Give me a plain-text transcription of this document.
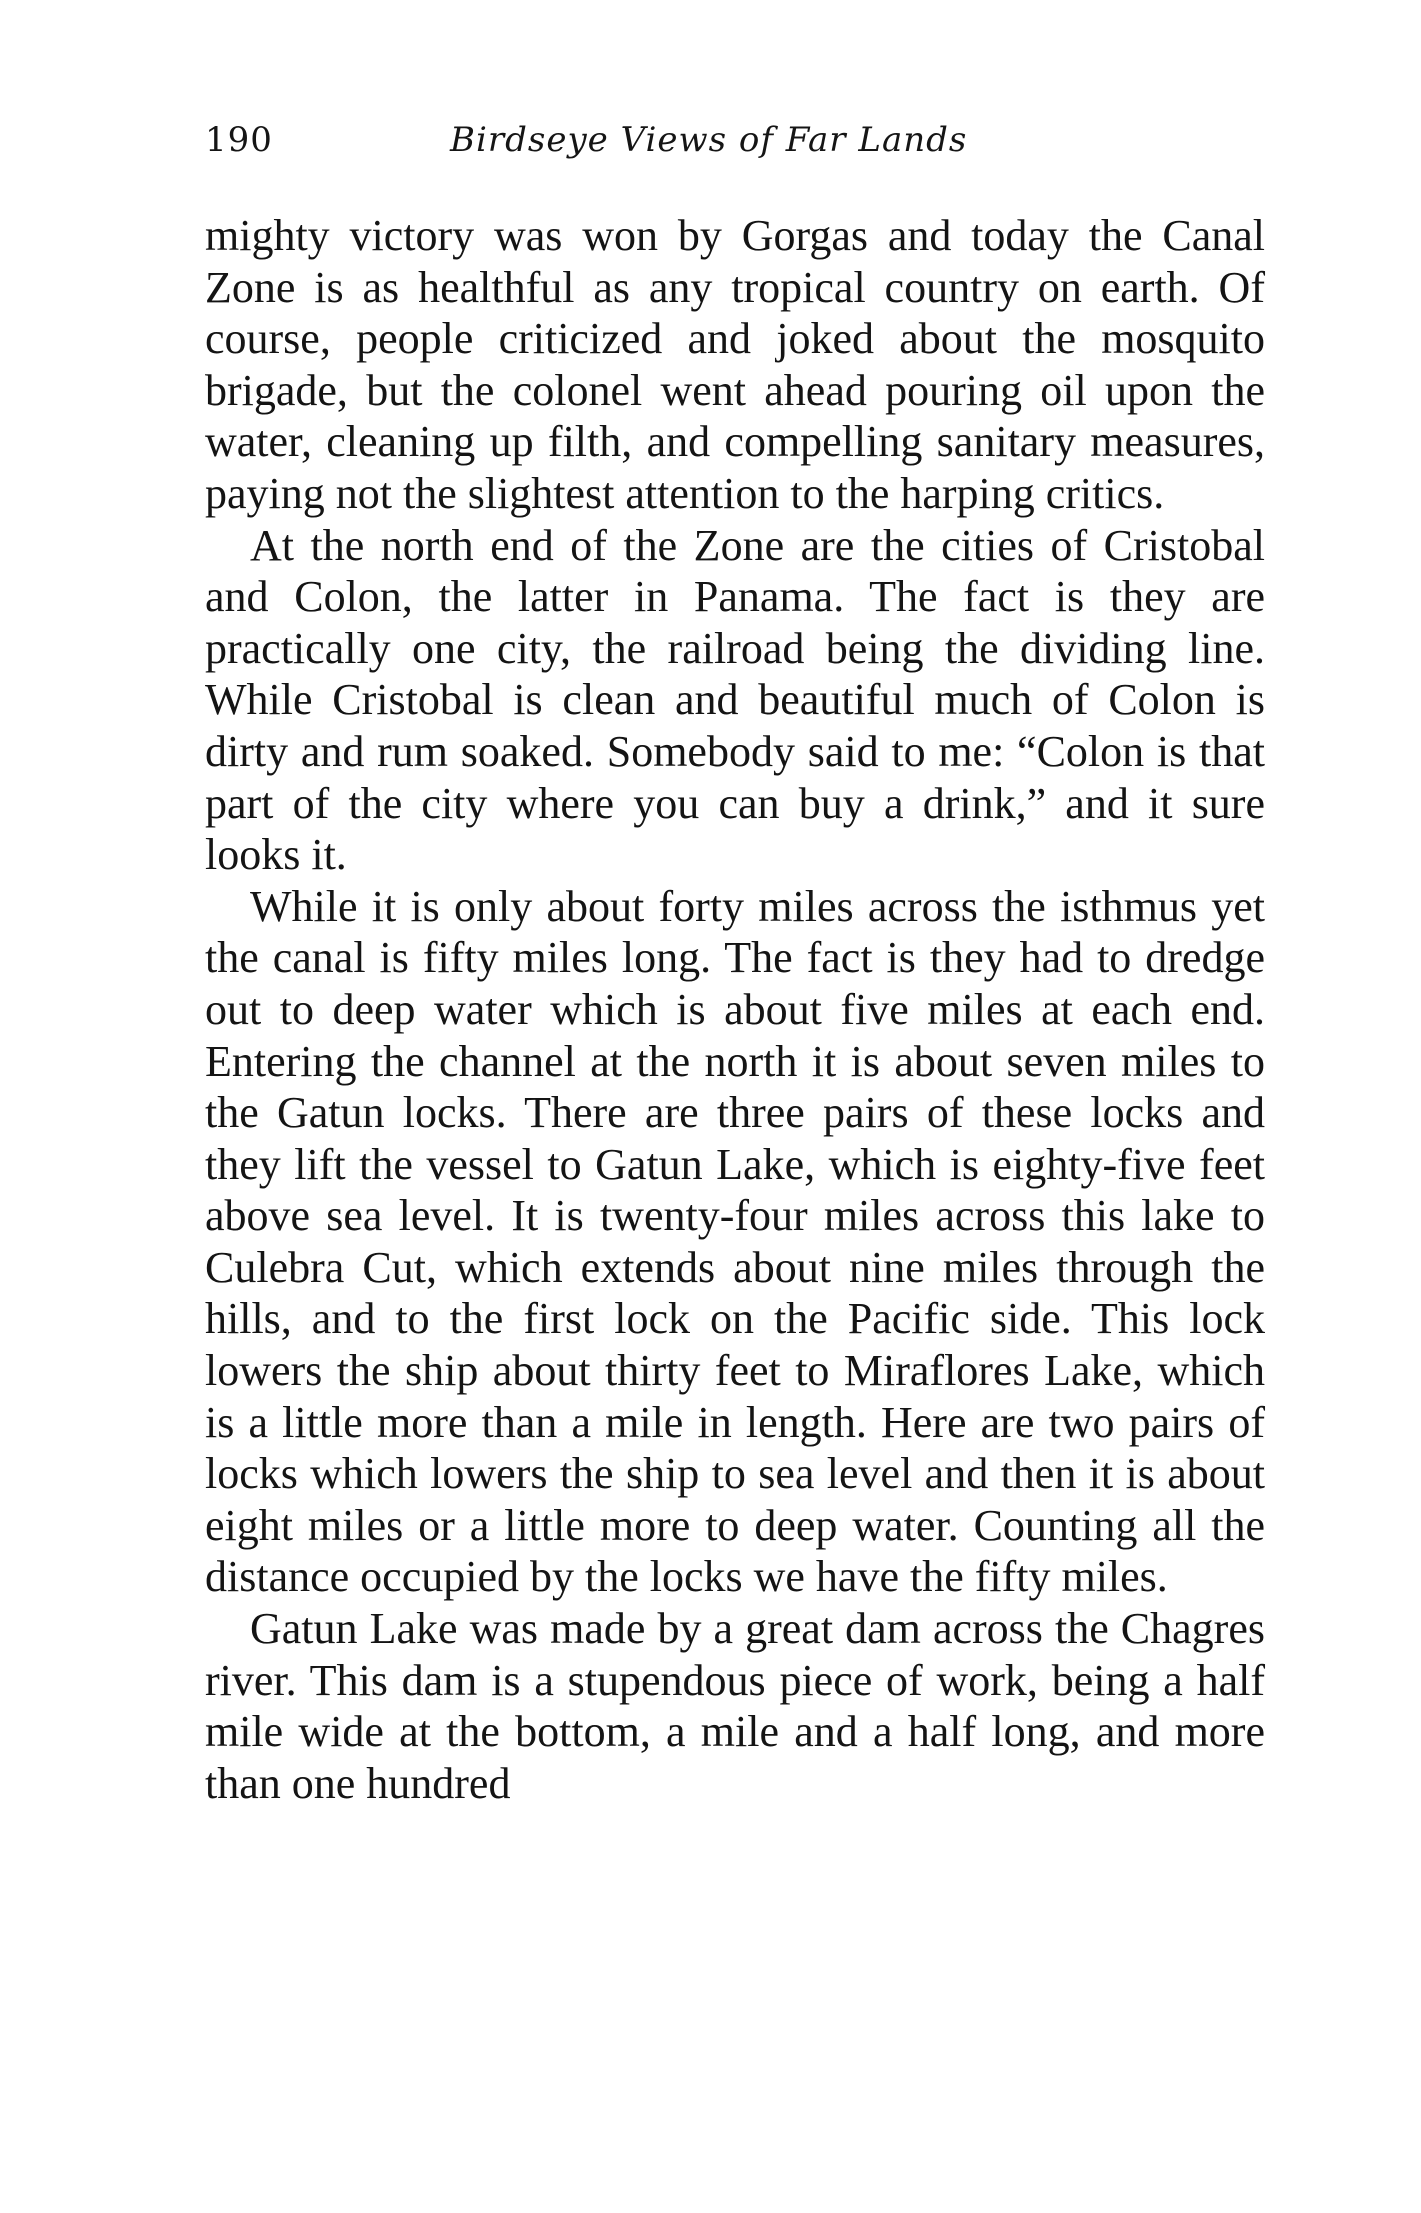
190	Birdseye Views of Far Lands

mighty victory was won by Gorgas and today the Canal Zone is as healthful as any tropical country on earth. Of course, people criticized and joked about the mosquito brigade, but the colonel went ahead pouring oil upon the water, cleaning up filth, and compelling sanitary measures, paying not the slightest attention to the harping critics.

At the north end of the Zone are the cities of Cristobal and Colon, the latter in Panama. The fact is they are practically one city, the railroad being the dividing line. While Cristobal is clean and beautiful much of Colon is dirty and rum soaked. Somebody said to me: “Colon is that part of the city where you can buy a drink,” and it sure looks it.

While it is only about forty miles across the isthmus yet the canal is fifty miles long. The fact is they had to dredge out to deep water which is about five miles at each end. Entering the channel at the north it is about seven miles to the Gatun locks. There are three pairs of these locks and they lift the vessel to Gatun Lake, which is eighty-five feet above sea level. It is twenty-four miles across this lake to Culebra Cut, which extends about nine miles through the hills, and to the first lock on the Pacific side. This lock lowers the ship about thirty feet to Miraflores Lake, which is a little more than a mile in length. Here are two pairs of locks which lowers the ship to sea level and then it is about eight miles or a little more to deep water. Counting all the distance occupied by the locks we have the fifty miles.

Gatun Lake was made by a great dam across the Chagres river. This dam is a stupendous piece of work, being a half mile wide at the bottom, a mile and a half long, and more than one hundred
